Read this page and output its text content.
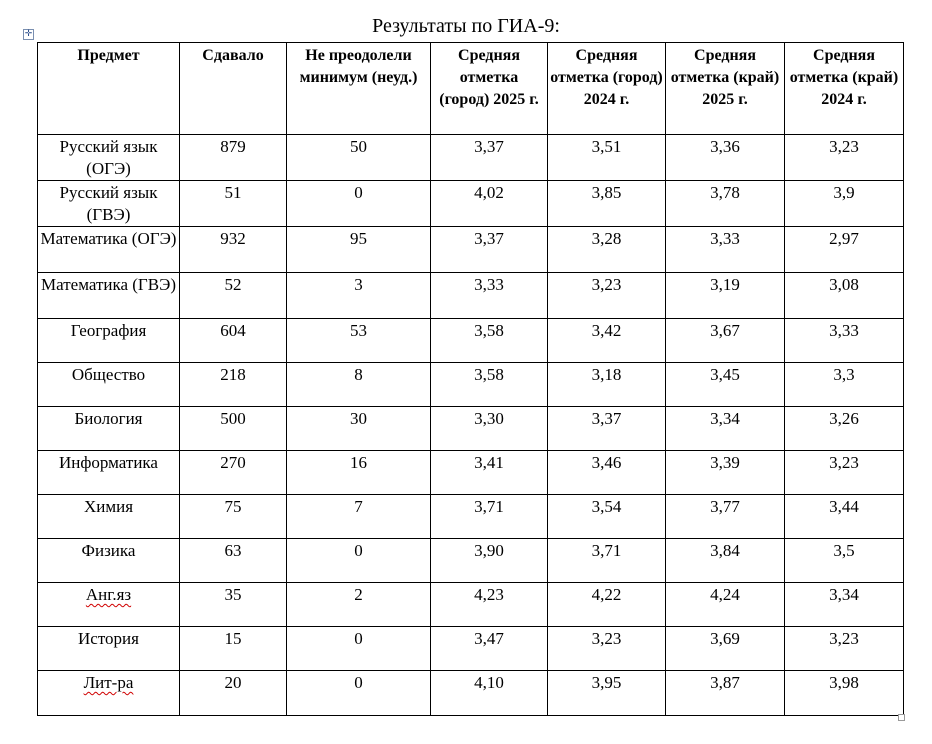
Результаты по ГИА-9:
✛
Предмет	Сдавало	Не преодолели минимум (неуд.)	Средняя отметка (город) 2025 г.	Средняя отметка (город) 2024 г.	Средняя отметка (край) 2025 г.	Средняя отметка (край) 2024 г.
Русский язык (ОГЭ)	879	50	3,37	3,51	3,36	3,23
Русский язык (ГВЭ)	51	0	4,02	3,85	3,78	3,9
Математика (ОГЭ)	932	95	3,37	3,28	3,33	2,97
Математика (ГВЭ)	52	3	3,33	3,23	3,19	3,08
География	604	53	3,58	3,42	3,67	3,33
Общество	218	8	3,58	3,18	3,45	3,3
Биология	500	30	3,30	3,37	3,34	3,26
Информатика	270	16	3,41	3,46	3,39	3,23
Химия	75	7	3,71	3,54	3,77	3,44
Физика	63	0	3,90	3,71	3,84	3,5
Анг.яз	35	2	4,23	4,22	4,24	3,34
История	15	0	3,47	3,23	3,69	3,23
Лит-ра	20	0	4,10	3,95	3,87	3,98
